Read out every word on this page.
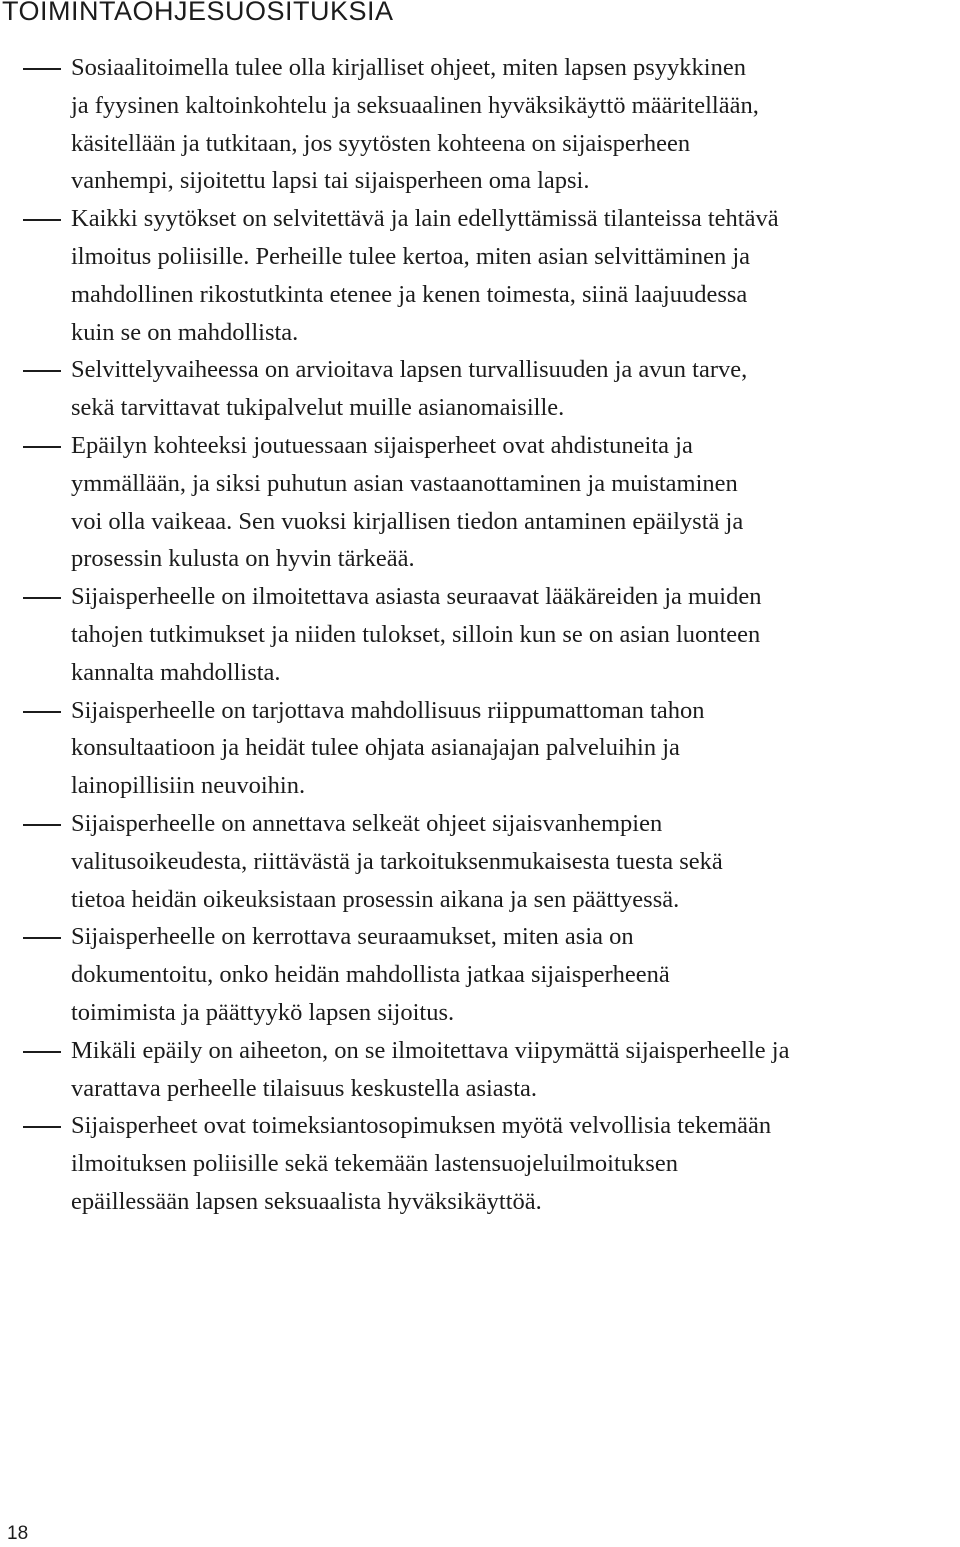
TOIMINTAOHJESUOSITUKSIA
Sosiaalitoimella tulee olla kirjalliset ohjeet, miten lapsen psyykkinen
ja fyysinen kaltoinkohtelu ja seksuaalinen hyväksikäyttö määritellään,
käsitellään ja tutkitaan, jos syytösten kohteena on sijaisperheen
vanhempi, sijoitettu lapsi tai sijaisperheen oma lapsi.
Kaikki syytökset on selvitettävä ja lain edellyttämissä tilanteissa tehtävä
ilmoitus poliisille. Perheille tulee kertoa, miten asian selvittäminen ja
mahdollinen rikostutkinta etenee ja kenen toimesta, siinä laajuudessa
kuin se on mahdollista.
Selvittelyvaiheessa on arvioitava lapsen turvallisuuden ja avun tarve,
sekä tarvittavat tukipalvelut muille asianomaisille.
Epäilyn kohteeksi joutuessaan sijaisperheet ovat ahdistuneita ja
ymmällään, ja siksi puhutun asian vastaanottaminen ja muistaminen
voi olla vaikeaa. Sen vuoksi kirjallisen tiedon antaminen epäilystä ja
prosessin kulusta on hyvin tärkeää.
Sijaisperheelle on ilmoitettava asiasta seuraavat lääkäreiden ja muiden
tahojen tutkimukset ja niiden tulokset, silloin kun se on asian luonteen
kannalta mahdollista.
Sijaisperheelle on tarjottava mahdollisuus riippumattoman tahon
konsultaatioon ja heidät tulee ohjata asianajajan palveluihin ja
lainopillisiin neuvoihin.
Sijaisperheelle on annettava selkeät ohjeet sijaisvanhempien
valitusoikeudesta, riittävästä ja tarkoituksenmukaisesta tuesta sekä
tietoa heidän oikeuksistaan prosessin aikana ja sen päättyessä.
Sijaisperheelle on kerrottava seuraamukset, miten asia on
dokumentoitu, onko heidän mahdollista jatkaa sijaisperheenä
toimimista ja päättyykö lapsen sijoitus.
Mikäli epäily on aiheeton, on se ilmoitettava viipymättä sijaisperheelle ja
varattava perheelle tilaisuus keskustella asiasta.
Sijaisperheet ovat toimeksiantosopimuksen myötä velvollisia tekemään
ilmoituksen poliisille sekä tekemään lastensuojeluilmoituksen
epäillessään lapsen seksuaalista hyväksikäyttöä.
18
